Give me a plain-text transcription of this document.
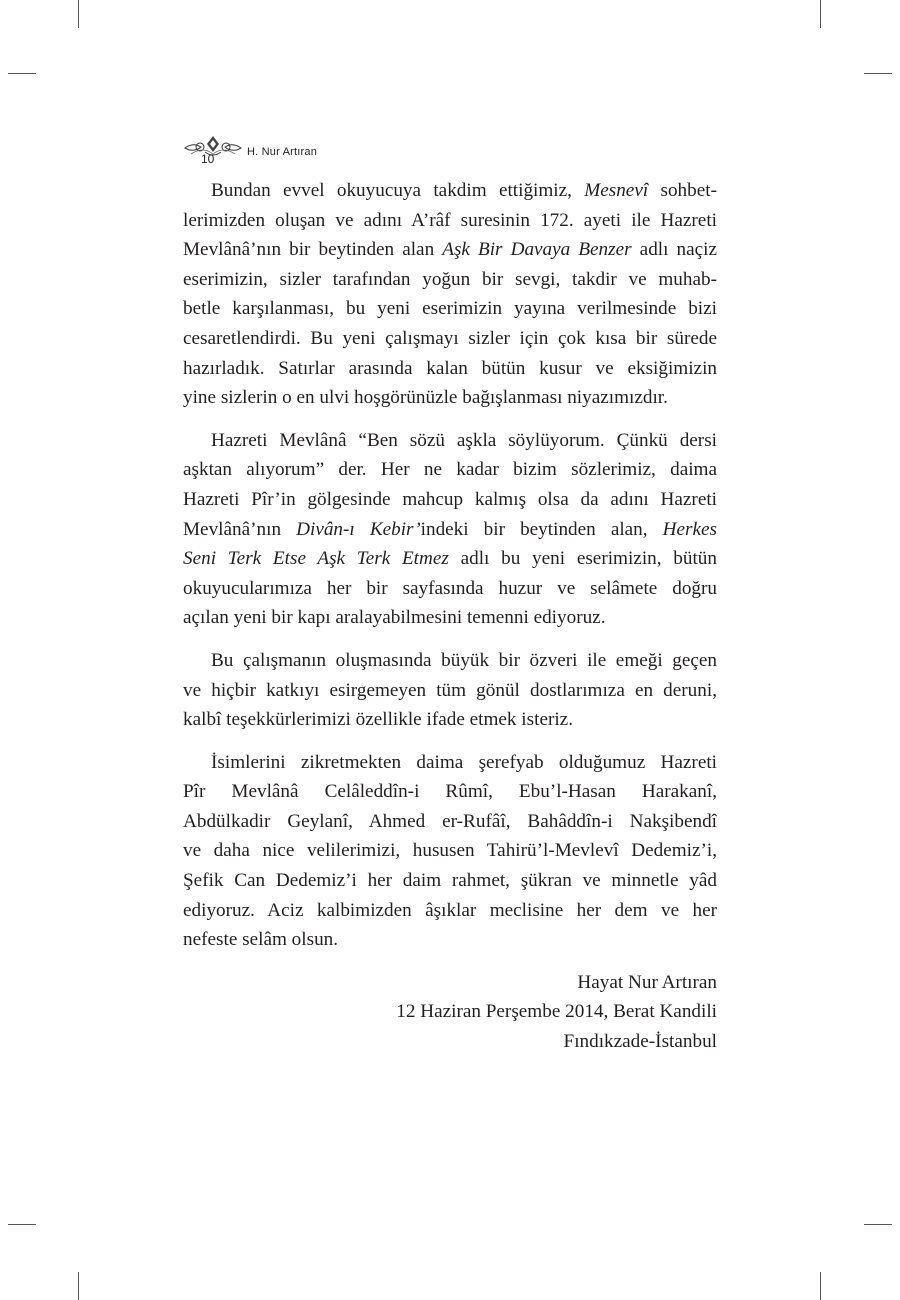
10	H. Nur Artıran

Bundan evvel okuyucuya takdim ettiğimiz, Mesnevî sohbet-
lerimizden oluşan ve adını A’râf suresinin 172. ayeti ile Hazreti
Mevlânâ’nın bir beytinden alan Aşk Bir Davaya Benzer adlı naçiz
eserimizin, sizler tarafından yoğun bir sevgi, takdir ve muhab-
betle karşılanması, bu yeni eserimizin yayına verilmesinde bizi
cesaretlendirdi. Bu yeni çalışmayı sizler için çok kısa bir sürede
hazırladık. Satırlar arasında kalan bütün kusur ve eksiğimizin
yine sizlerin o en ulvi hoşgörünüzle bağışlanması niyazımızdır.

Hazreti Mevlânâ “Ben sözü aşkla söylüyorum. Çünkü dersi
aşktan alıyorum” der. Her ne kadar bizim sözlerimiz, daima
Hazreti Pîr’in gölgesinde mahcup kalmış olsa da adını Hazreti
Mevlânâ’nın Divân-ı Kebir’indeki bir beytinden alan, Herkes
Seni Terk Etse Aşk Terk Etmez adlı bu yeni eserimizin, bütün
okuyucularımıza her bir sayfasında huzur ve selâmete doğru
açılan yeni bir kapı aralayabilmesini temenni ediyoruz.

Bu çalışmanın oluşmasında büyük bir özveri ile emeği geçen
ve hiçbir katkıyı esirgemeyen tüm gönül dostlarımıza en deruni,
kalbî teşekkürlerimizi özellikle ifade etmek isteriz.

İsimlerini zikretmekten daima şerefyab olduğumuz Hazreti
Pîr Mevlânâ Celâleddîn-i Rûmî, Ebu’l-Hasan Harakanî,
Abdülkadir Geylanî, Ahmed er-Rufâî, Bahâddîn-i Nakşibendî
ve daha nice velilerimizi, hususen Tahirü’l-Mevlevî Dedemiz’i,
Şefik Can Dedemiz’i her daim rahmet, şükran ve minnetle yâd
ediyoruz. Aciz kalbimizden âşıklar meclisine her dem ve her
nefeste selâm olsun.

Hayat Nur Artıran
12 Haziran Perşembe 2014, Berat Kandili
Fındıkzade-İstanbul
